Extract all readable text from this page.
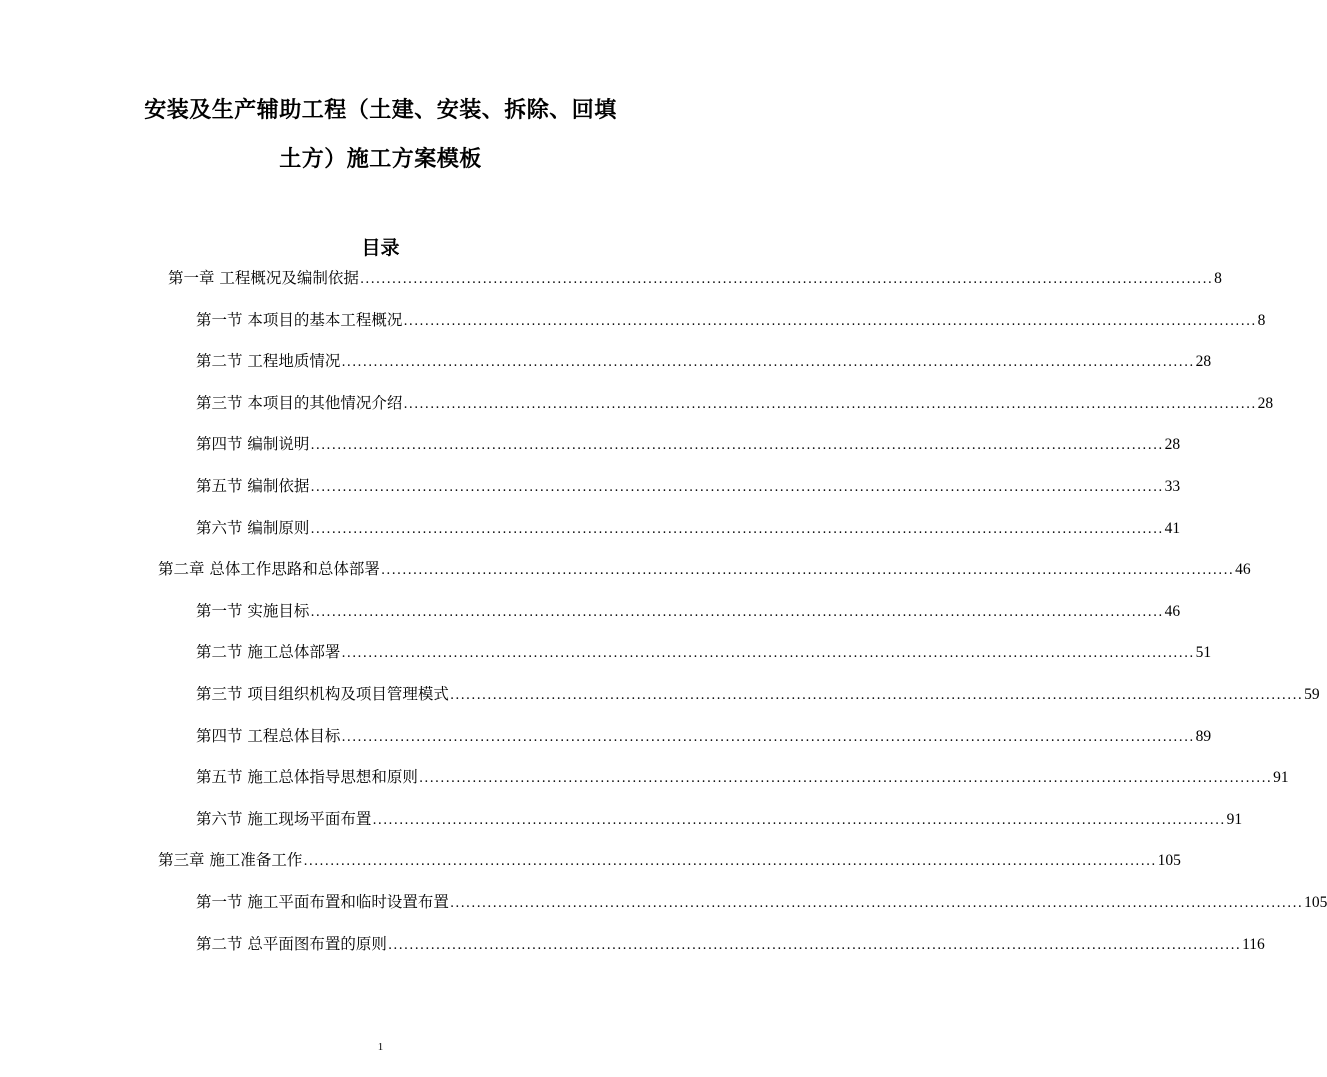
安装及生产辅助工程（土建、安装、拆除、回填
土方）施工方案模板
目录
第一章 工程概况及编制依据 ................................................................................................................................................................ 8
第一节 本项目的基本工程概况 ................................................................................................................................................................ 8
第二节 工程地质情况 ................................................................................................................................................................ 28
第三节 本项目的其他情况介绍 ................................................................................................................................................................ 28
第四节 编制说明 ................................................................................................................................................................ 28
第五节 编制依据 ................................................................................................................................................................ 33
第六节 编制原则 ................................................................................................................................................................ 41
第二章 总体工作思路和总体部署 ................................................................................................................................................................ 46
第一节 实施目标 ................................................................................................................................................................ 46
第二节 施工总体部署 ................................................................................................................................................................ 51
第三节 项目组织机构及项目管理模式 ................................................................................................................................................................ 59
第四节 工程总体目标 ................................................................................................................................................................ 89
第五节 施工总体指导思想和原则 ................................................................................................................................................................ 91
第六节 施工现场平面布置 ................................................................................................................................................................ 91
第三章 施工准备工作 ................................................................................................................................................................ 105
第一节 施工平面布置和临时设置布置 ................................................................................................................................................................ 105
第二节 总平面图布置的原则 ................................................................................................................................................................ 116
1
